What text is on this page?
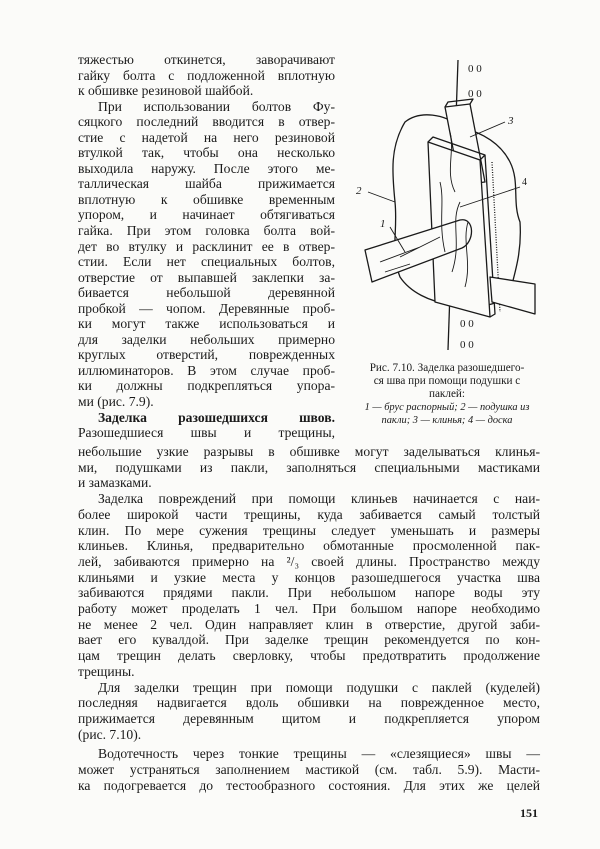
тяжестью откинется, заворачивают
гайку болта с подложенной вплотную
к обшивке резиновой шайбой.
При использовании болтов Фу-
сяцкого последний вводится в отвер-
стие с надетой на него резиновой
втулкой так, чтобы она несколько
выходила наружу. После этого ме-
таллическая шайба прижимается
вплотную к обшивке временным
упором, и начинает обтягиваться
гайка. При этом головка болта вой-
дет во втулку и расклинит ее в отвер-
стии. Если нет специальных болтов,
отверстие от выпавшей заклепки за-
бивается небольшой деревянной
пробкой — чопом. Деревянные проб-
ки могут также использоваться и
для заделки небольших примерно
круглых отверстий, поврежденных
иллюминаторов. В этом случае проб-
ки должны подкрепляться упора-
ми (рис. 7.9).
Заделка разошедшихся швов.
Разошедшиеся швы и трещины,
0 0
0 0
0 0
0 0
2
1
3
4
Рис. 7.10. Заделка разошедшего-
ся шва при помощи подушки с
паклей:
1 — брус распорный; 2 — подушка из
пакли; 3 — клинья; 4 — доска
небольшие узкие разрывы в обшивке могут заделываться клинья-
ми, подушками из пакли, заполняться специальными мастиками
и замазками.
Заделка повреждений при помощи клиньев начинается с наи-
более широкой части трещины, куда забивается самый толстый
клин. По мере сужения трещины следует уменьшать и размеры
клиньев. Клинья, предварительно обмотанные просмоленной пак-
лей, забиваются примерно на ²/₃ своей длины. Пространство между
клиньями и узкие места у концов разошедшегося участка шва
забиваются прядями пакли. При небольшом напоре воды эту
работу может проделать 1 чел. При большом напоре необходимо
не менее 2 чел. Один направляет клин в отверстие, другой заби-
вает его кувалдой. При заделке трещин рекомендуется по кон-
цам трещин делать сверловку, чтобы предотвратить продолжение
трещины.
Для заделки трещин при помощи подушки с паклей (куделей)
последняя надвигается вдоль обшивки на поврежденное место,
прижимается деревянным щитом и подкрепляется упором
(рис. 7.10).
Водотечность через тонкие трещины — «слезящиеся» швы —
может устраняться заполнением мастикой (см. табл. 5.9). Масти-
ка подогревается до тестообразного состояния. Для этих же целей
151
